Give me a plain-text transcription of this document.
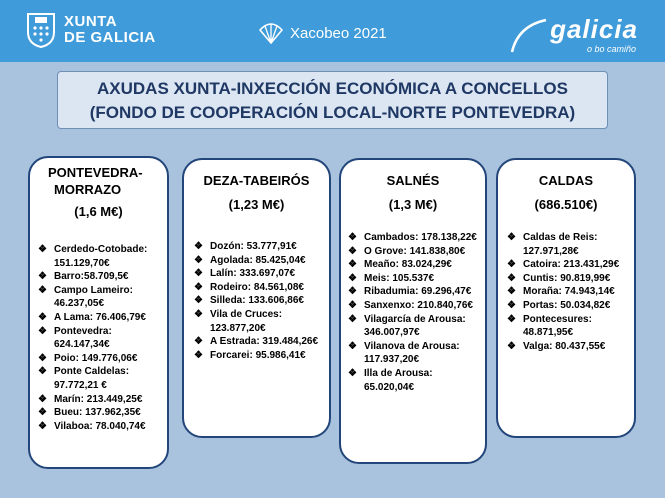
XUNTA
DE GALICIA	Xacobeo 2021	galicia
o bo camiño
AXUDAS XUNTA-INXECCIÓN ECONÓMICA A CONCELLOS
(FONDO DE COOPERACIÓN LOCAL-NORTE PONTEVEDRA)
PONTEVEDRA-
MORRAZO
(1,6 M€)
❖ Cerdedo-Cotobade: 151.129,70€
❖ Barro:58.709,5€
❖ Campo Lameiro: 46.237,05€
❖ A Lama: 76.406,79€
❖ Pontevedra: 624.147,34€
❖ Poio: 149.776,06€
❖ Ponte Caldelas: 97.772,21 €
❖ Marín: 213.449,25€
❖ Bueu: 137.962,35€
❖ Vilaboa: 78.040,74€
DEZA-TABEIRÓS
(1,23 M€)
❖ Dozón: 53.777,91€
❖ Agolada: 85.425,04€
❖ Lalín: 333.697,07€
❖ Rodeiro: 84.561,08€
❖ Silleda: 133.606,86€
❖ Vila de Cruces: 123.877,20€
❖ A Estrada: 319.484,26€
❖ Forcarei: 95.986,41€
SALNÉS
(1,3 M€)
❖ Cambados: 178.138,22€
❖ O Grove: 141.838,80€
❖ Meaño: 83.024,29€
❖ Meis: 105.537€
❖ Ribadumia: 69.296,47€
❖ Sanxenxo: 210.840,76€
❖ Vilagarcía de Arousa: 346.007,97€
❖ Vilanova de Arousa: 117.937,20€
❖ Illa de Arousa: 65.020,04€
CALDAS
(686.510€)
❖ Caldas de Reis: 127.971,28€
❖ Catoira: 213.431,29€
❖ Cuntis: 90.819,99€
❖ Moraña: 74.943,14€
❖ Portas: 50.034,82€
❖ Pontecesures: 48.871,95€
❖ Valga: 80.437,55€
